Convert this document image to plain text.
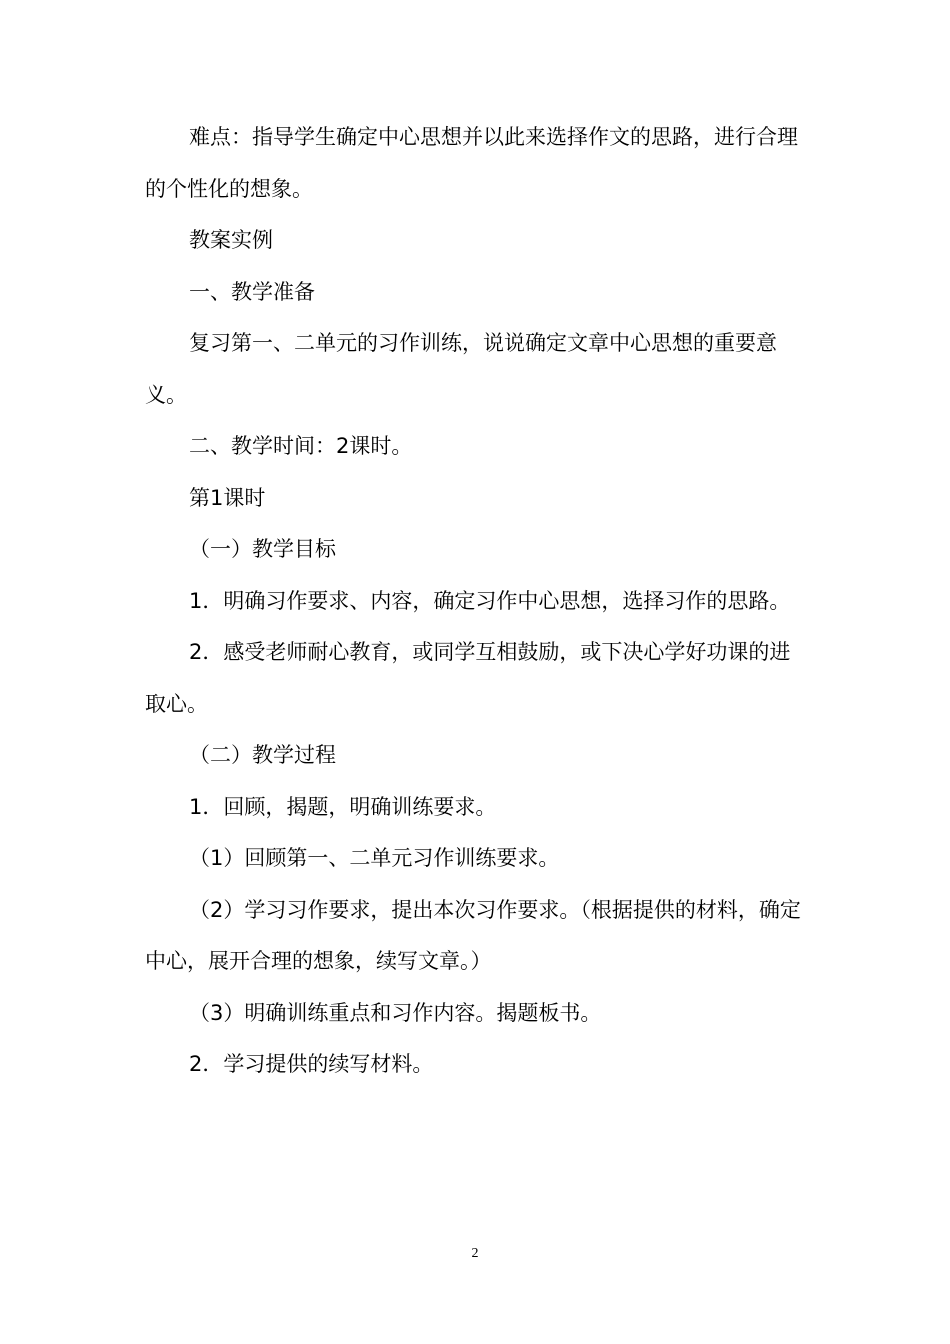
难点：指导学生确定中心思想并以此来选择作文的思路，进行合理的个性化的想象。

教案实例

一、教学准备

复习第一、二单元的习作训练，说说确定文章中心思想的重要意义。

二、教学时间：2课时。

第1课时

（一）教学目标

1．明确习作要求、内容，确定习作中心思想，选择习作的思路。

2．感受老师耐心教育，或同学互相鼓励，或下决心学好功课的进取心。

（二）教学过程

1．回顾，揭题，明确训练要求。

（1）回顾第一、二单元习作训练要求。

（2）学习习作要求，提出本次习作要求。（根据提供的材料，确定中心，展开合理的想象，续写文章。）

（3）明确训练重点和习作内容。揭题板书。

2．学习提供的续写材料。

2
